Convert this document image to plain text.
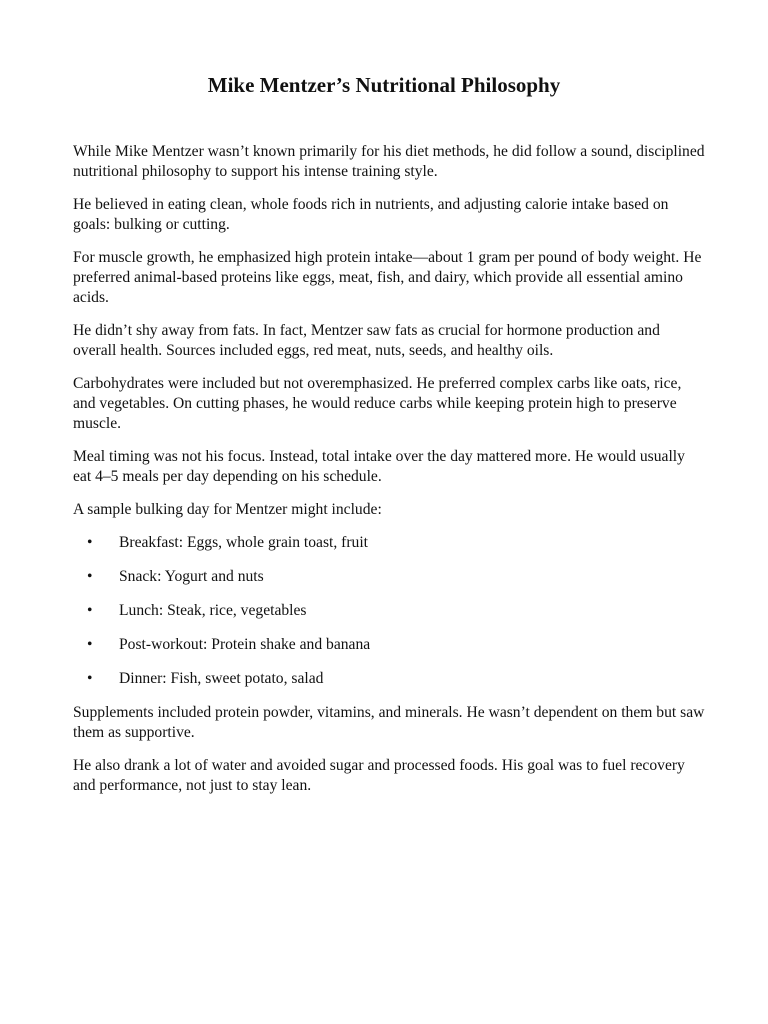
Mike Mentzer’s Nutritional Philosophy

While Mike Mentzer wasn’t known primarily for his diet methods, he did follow a sound, disciplined nutritional philosophy to support his intense training style.

He believed in eating clean, whole foods rich in nutrients, and adjusting calorie intake based on goals: bulking or cutting.

For muscle growth, he emphasized high protein intake—about 1 gram per pound of body weight. He preferred animal-based proteins like eggs, meat, fish, and dairy, which provide all essential amino acids.

He didn’t shy away from fats. In fact, Mentzer saw fats as crucial for hormone production and overall health. Sources included eggs, red meat, nuts, seeds, and healthy oils.

Carbohydrates were included but not overemphasized. He preferred complex carbs like oats, rice, and vegetables. On cutting phases, he would reduce carbs while keeping protein high to preserve muscle.

Meal timing was not his focus. Instead, total intake over the day mattered more. He would usually eat 4–5 meals per day depending on his schedule.

A sample bulking day for Mentzer might include:

• Breakfast: Eggs, whole grain toast, fruit
• Snack: Yogurt and nuts
• Lunch: Steak, rice, vegetables
• Post-workout: Protein shake and banana
• Dinner: Fish, sweet potato, salad

Supplements included protein powder, vitamins, and minerals. He wasn’t dependent on them but saw them as supportive.

He also drank a lot of water and avoided sugar and processed foods. His goal was to fuel recovery and performance, not just to stay lean.
